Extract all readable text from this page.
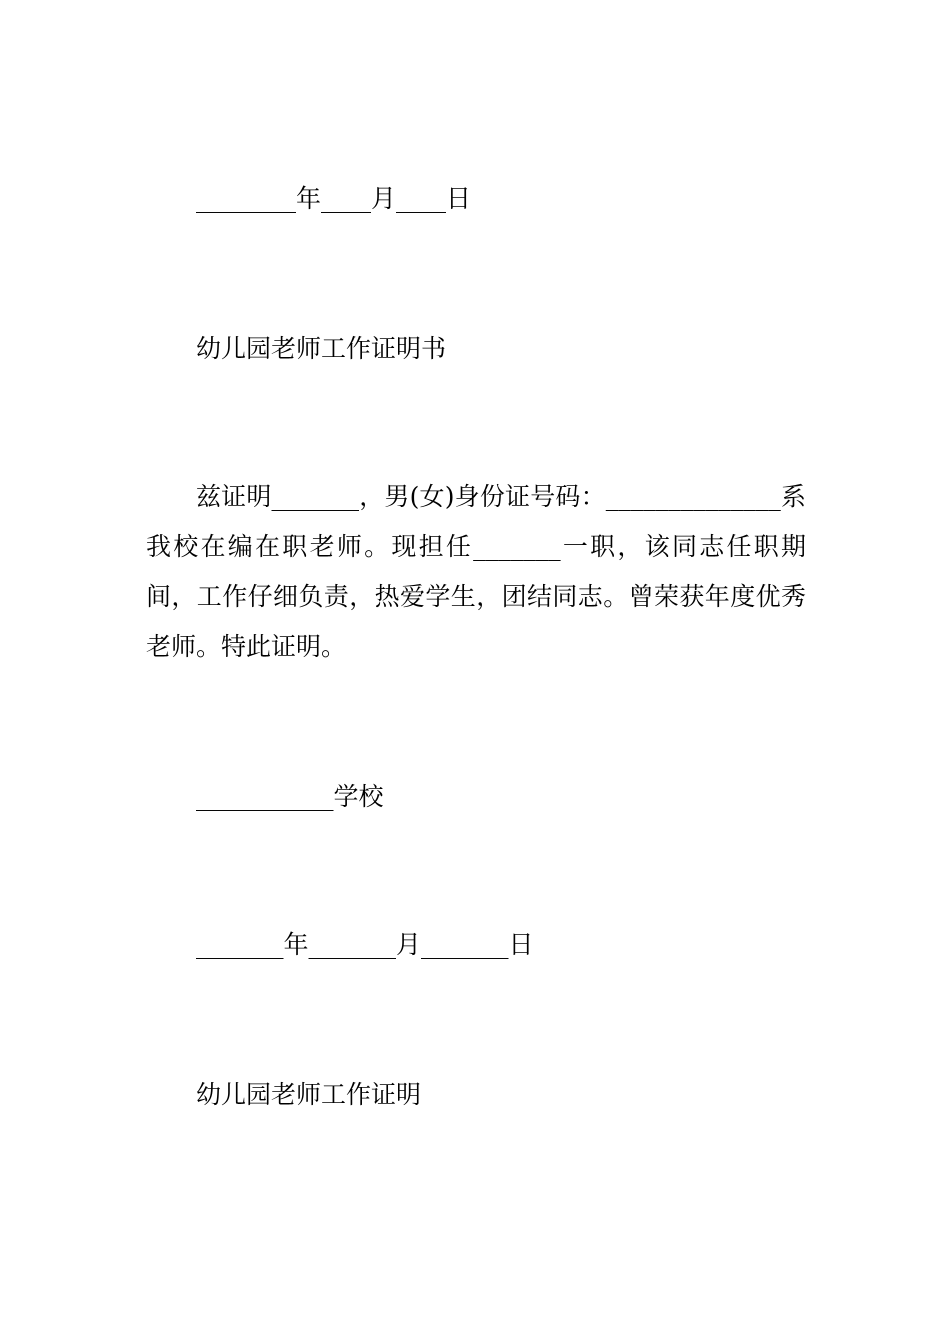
________年____月____日
幼儿园老师工作证明书

兹证明_______，男(女)身份证号码：______________系我校在编在职老师。现担任_______一职，该同志任职期间，工作仔细负责，热爱学生，团结同志。曾荣获年度优秀老师。特此证明。

___________学校
_______年_______月_______日
幼儿园老师工作证明
